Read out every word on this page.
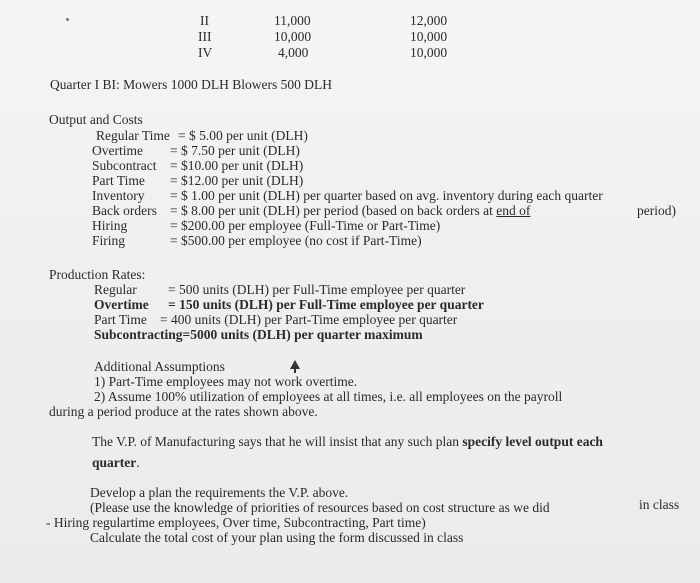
II	11,000	12,000
III	10,000	10,000
IV	4,000	10,000
Quarter I BI: Mowers 1000 DLH Blowers 500 DLH
Output and Costs
Regular Time = $ 5.00 per unit (DLH)
Overtime = $ 7.50 per unit (DLH)
Subcontract = $10.00 per unit (DLH)
Part Time = $12.00 per unit (DLH)
Inventory = $ 1.00 per unit (DLH) per quarter based on avg. inventory during each quarter
Back orders = $ 8.00 per unit (DLH) per period (based on back orders at end of	period)
Hiring	= $200.00 per employee (Full-Time or Part-Time)
Firing	= $500.00 per employee (no cost if Part-Time)
Production Rates:
Regular = 500 units (DLH) per Full-Time employee per quarter
Overtime = 150 units (DLH) per Full-Time employee per quarter
Part Time = 400 units (DLH) per Part-Time employee per quarter
Subcontracting=5000 units (DLH) per quarter maximum
Additional Assumptions
1) Part-Time employees may not work overtime.
2) Assume 100% utilization of employees at all times, i.e. all employees on the payroll
during a period produce at the rates shown above.
The V.P. of Manufacturing says that he will insist that any such plan specify level output each
quarter.
Develop a plan the requirements the V.P. above.
(Please use the knowledge of priorities of resources based on cost structure as we did	in class
- Hiring regulartime employees, Over time, Subcontracting, Part time)
Calculate the total cost of your plan using the form discussed in class
